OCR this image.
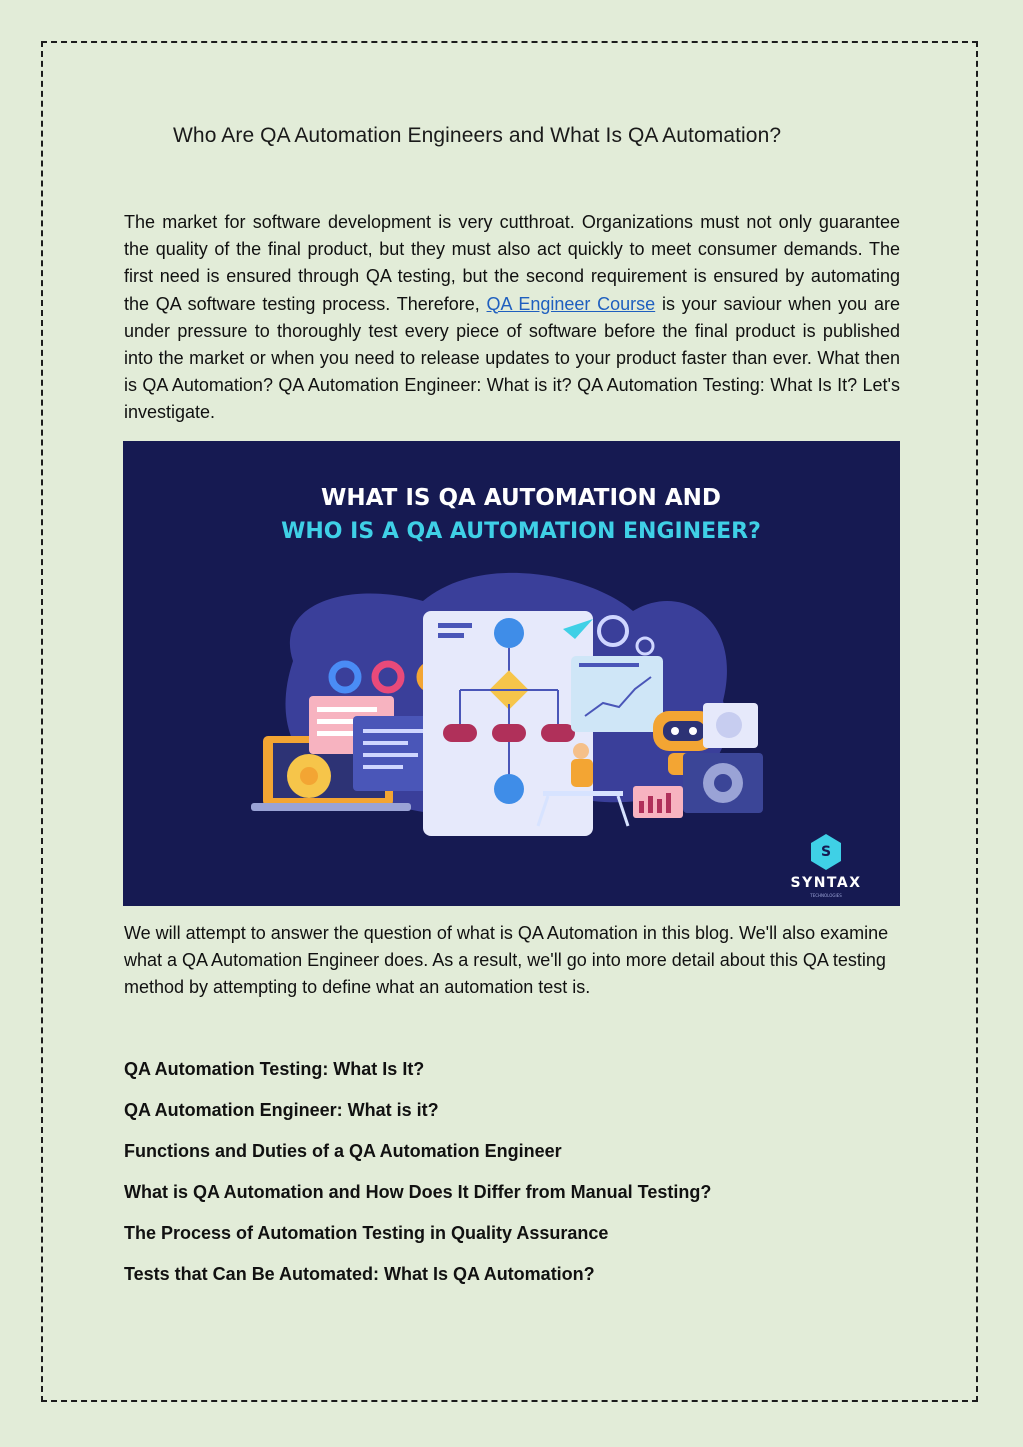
Who Are QA Automation Engineers and What Is QA Automation?

The market for software development is very cutthroat. Organizations must not only guarantee the quality of the final product, but they must also act quickly to meet consumer demands. The first need is ensured through QA testing, but the second requirement is ensured by automating the QA software testing process. Therefore, QA Engineer Course is your saviour when you are under pressure to thoroughly test every piece of software before the final product is published into the market or when you need to release updates to your product faster than ever. What then is QA Automation? QA Automation Engineer: What is it? QA Automation Testing: What Is It? Let's investigate.

WHAT IS QA AUTOMATION AND
WHO IS A QA AUTOMATION ENGINEER?
S
SYNTAX
TECHNOLOGIES

We will attempt to answer the question of what is QA Automation in this blog. We'll also examine what a QA Automation Engineer does. As a result, we'll go into more detail about this QA testing method by attempting to define what an automation test is.

QA Automation Testing: What Is It?
QA Automation Engineer: What is it?
Functions and Duties of a QA Automation Engineer
What is QA Automation and How Does It Differ from Manual Testing?
The Process of Automation Testing in Quality Assurance
Tests that Can Be Automated: What Is QA Automation?
